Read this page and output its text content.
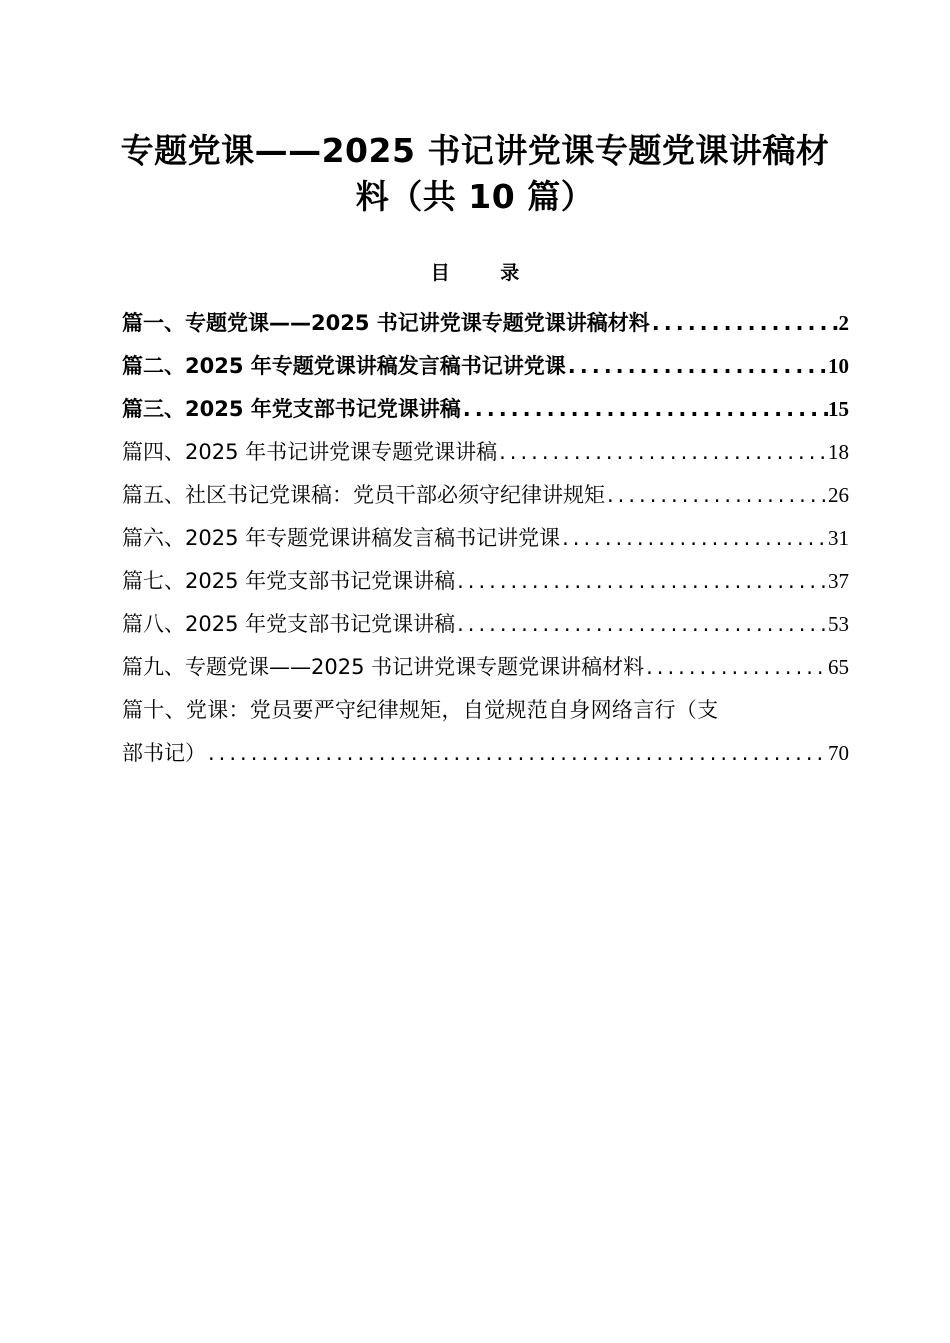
专题党课——2025 书记讲党课专题党课讲稿材
料（共 10 篇）
目 录
篇一、专题党课——2025 书记讲党课专题党课讲稿材料 .....	2
篇二、2025 年专题党课讲稿发言稿书记讲党课 .....	10
篇三、2025 年党支部书记党课讲稿 .....	15
篇四、2025 年书记讲党课专题党课讲稿 .....	18
篇五、社区书记党课稿：党员干部必须守纪律讲规矩 .....	26
篇六、2025 年专题党课讲稿发言稿书记讲党课 .....	31
篇七、2025 年党支部书记党课讲稿 .....	37
篇八、2025 年党支部书记党课讲稿 .....	53
篇九、专题党课——2025 书记讲党课专题党课讲稿材料 .....	65
篇十、党课：党员要严守纪律规矩，自觉规范自身网络言行（支
部书记） .....	70
